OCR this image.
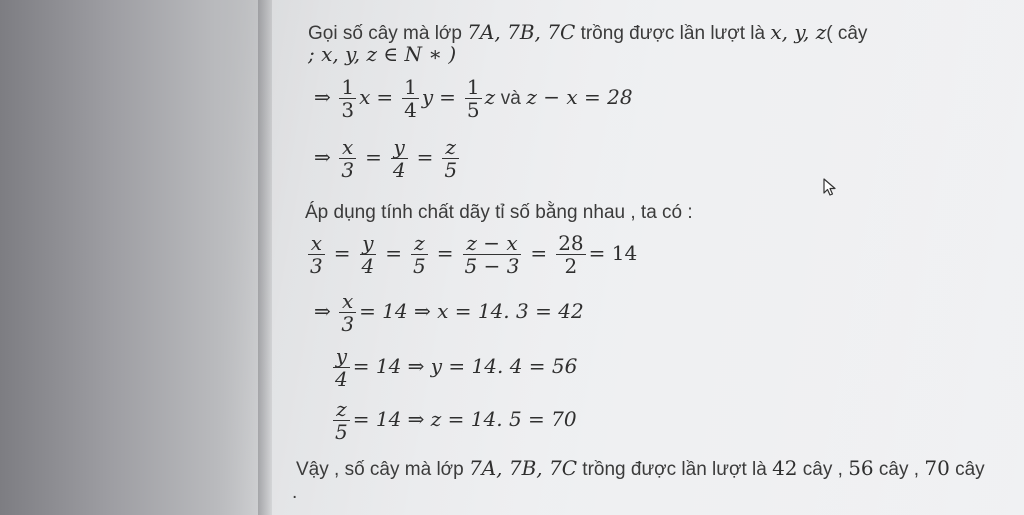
Gọi số cây mà lớp 7A, 7B, 7C trồng được lần lượt là x, y, z( cây
; x, y, z ∈ N ∗ )
⇒ $\frac{1}{3}$ $x = \frac{1}{4}$ $y = \frac{1}{5}$ z và z − x = 28
⇒ $\frac{x}{3} = \frac{y}{4} = \frac{z}{5}$
Áp dụng tính chất dãy tỉ số bằng nhau , ta có :
$\frac{x}{3} = \frac{y}{4} = \frac{z}{5} = \frac{z - x}{5 - 3} = \frac{28}{2} = 14$
⇒ $\frac{x}{3} = 14$ ⇒ x = 14. 3 = 42
$\frac{y}{4} = 14$ ⇒ y = 14. 4 = 56
$\frac{z}{5} = 14$ ⇒ z = 14. 5 = 70
Vậy , số cây mà lớp 7A, 7B, 7C trồng được lần lượt là 42 cây , 56 cây , 70 cây
.
